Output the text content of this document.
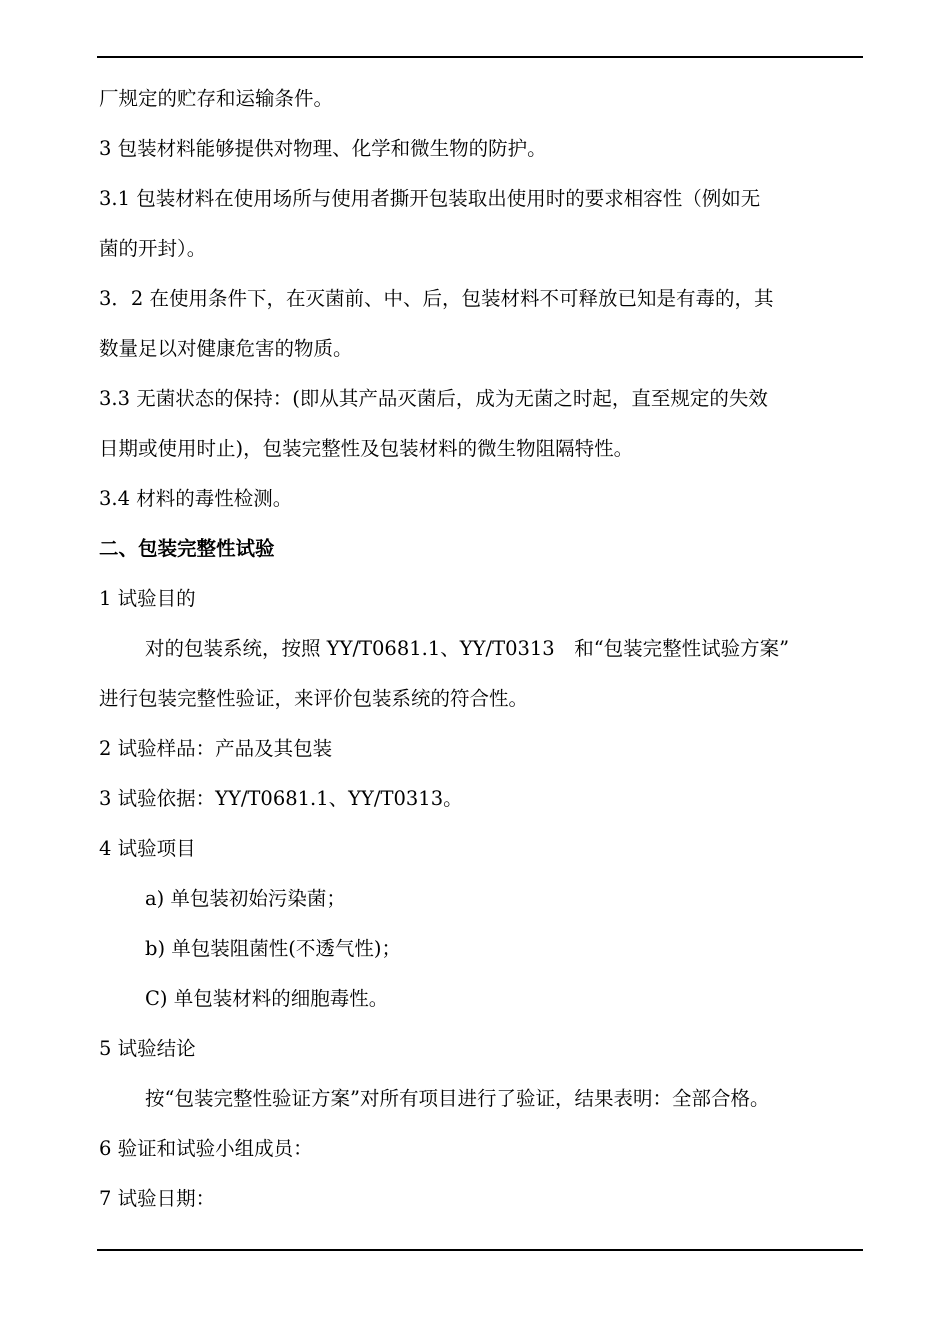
厂规定的贮存和运输条件。
3 包装材料能够提供对物理、化学和微生物的防护。
3.1 包装材料在使用场所与使用者撕开包装取出使用时的要求相容性（例如无
菌的开封）。
3．2 在使用条件下，在灭菌前、中、后，包装材料不可释放已知是有毒的，其
数量足以对健康危害的物质。
3.3 无菌状态的保持：(即从其产品灭菌后，成为无菌之时起，直至规定的失效
日期或使用时止)，包装完整性及包装材料的微生物阻隔特性。
3.4 材料的毒性检测。
二、包装完整性试验
1 试验目的
对的包装系统，按照 YY/T0681.1、YY/T0313　和“包装完整性试验方案”
进行包装完整性验证，来评价包装系统的符合性。
2 试验样品：产品及其包装
3 试验依据：YY/T0681.1、YY/T0313。
4 试验项目
a) 单包装初始污染菌；
b) 单包装阻菌性(不透气性)；
C) 单包装材料的细胞毒性。
5 试验结论
按“包装完整性验证方案”对所有项目进行了验证，结果表明：全部合格。
6 验证和试验小组成员：
7 试验日期：
